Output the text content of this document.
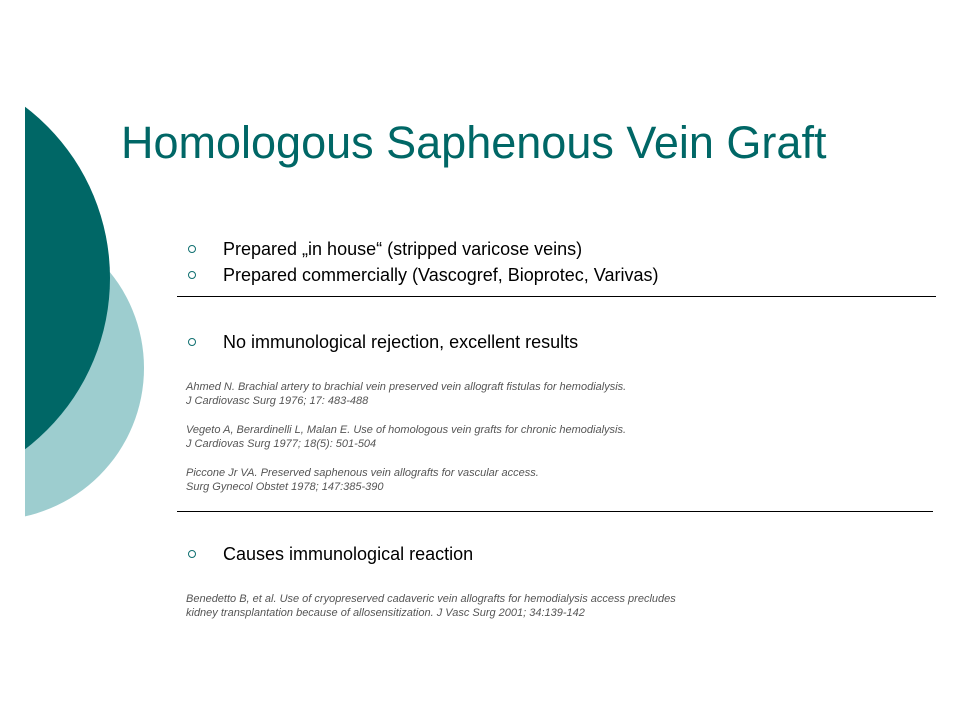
Homologous Saphenous Vein Graft
Prepared „in house“ (stripped varicose veins)
Prepared commercially (Vascogref, Bioprotec, Varivas)
No immunological rejection, excellent results
Ahmed N. Brachial artery to brachial vein preserved vein allograft fistulas for hemodialysis.
J Cardiovasc Surg 1976; 17: 483-488
Vegeto A, Berardinelli L, Malan E. Use of homologous vein grafts for chronic hemodialysis.
J Cardiovas Surg 1977; 18(5): 501-504
Piccone Jr VA. Preserved saphenous vein allografts for vascular access.
Surg Gynecol Obstet 1978; 147:385-390
Causes immunological reaction
Benedetto B, et al. Use of cryopreserved cadaveric vein allografts for hemodialysis access precludes
kidney transplantation because of allosensitization. J Vasc Surg 2001; 34:139-142
